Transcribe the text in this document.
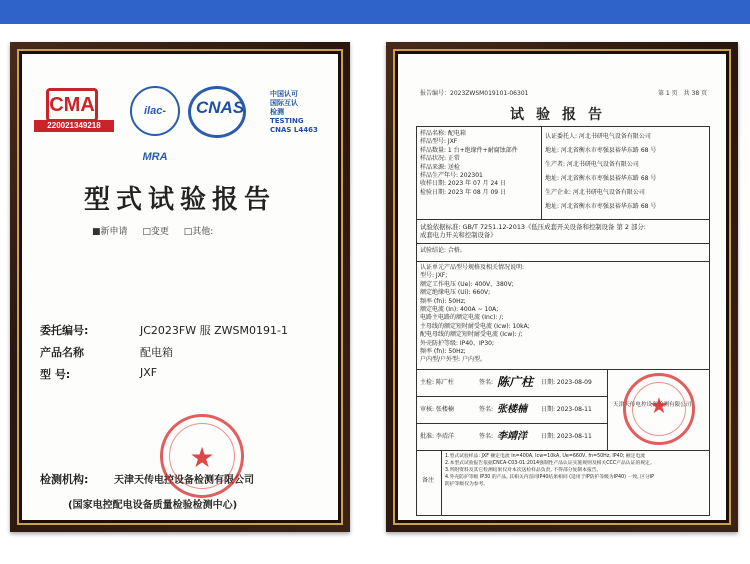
CMA
220021349218
ilac-MRA
CNAS
中国认可
国际互认
检测
TESTING
CNAS L4463
型式试验报告
■新申请 □变更 □其他:
委托编号:	JC2023FW 服 ZWSM0191-1
产品名称	配电箱
型 号:	JXF
检测机构:	天津天传电控设备检测有限公司
(国家电控配电设备质量检验检测中心)
★
报告编号：2023ZWSM019101-06301	第 1 页　共 38 页
试验报告
样品名称: 配电箱
样品型号: JXF
样品数量: 1 台+绝缘件+耐腐蚀部件
样品状况: 正常
样品来源: 送检
样品生产年号: 202301
收样日期: 2023 年 07 月 24 日
检验日期: 2023 年 08 月 09 日
认证委托人: 河北书研电气设备有限公司
地址: 河北省衡水市枣强县裕华东路 68 号
生产者: 河北书研电气设备有限公司
地址: 河北省衡水市枣强县裕华东路 68 号
生产企业: 河北书研电气设备有限公司
地址: 河北省衡水市枣强县裕华东路 68 号
试验依据标准: GB/T 7251.12-2013《低压成套开关设备和控制设备 第 2 部分:
成套电力开关和控制设备》
试验结论: 合格。
认证单元产品型号规格及相关情况说明:
型号: JXF;
额定工作电压 (Ue): 400V、380V;
额定绝缘电压 (Ui): 660V;
频率 (fn): 50Hz;
额定电流 (In): 400A ~ 10A;
电路主电路的额定电流 (Inc): /;
主母线的额定短时耐受电流 (Icw): 10kA;
配电母线的额定短时耐受电流 (Icw): /;
外壳防护等级: IP40、IP30;
频率 (fn): 50Hz;
户内型/户外型: 户内型。
主检: 陈广柱	签名: 陈广柱 日期: 2023-08-09
审核: 张楼楠	签名: 张楼楠 日期: 2023-08-11
批准: 李靖洋	签名: 李靖洋 日期: 2023-08-11
天津天传电控设备检测有限公司
★
备注
1.型式试验样品: JXF 额定电流 In=400A, Icw=10kA, Ue=660V, fn=50Hz, IP40; 额定电流
2.本型式试验报告依据CNCA-C03-01:2014强制性产品认证实施规则及相关CCC产品认证的规定。
3.所附资料及其它检测结果仅对本次送检样品负责, 不得部分复制本报告。
4.外壳防护等级 IP30 的产品, 其相关内容同IP40结果相同 (适用于IP防护等级为IP40) 一致, 区分IP
防护等级仅为参考。
